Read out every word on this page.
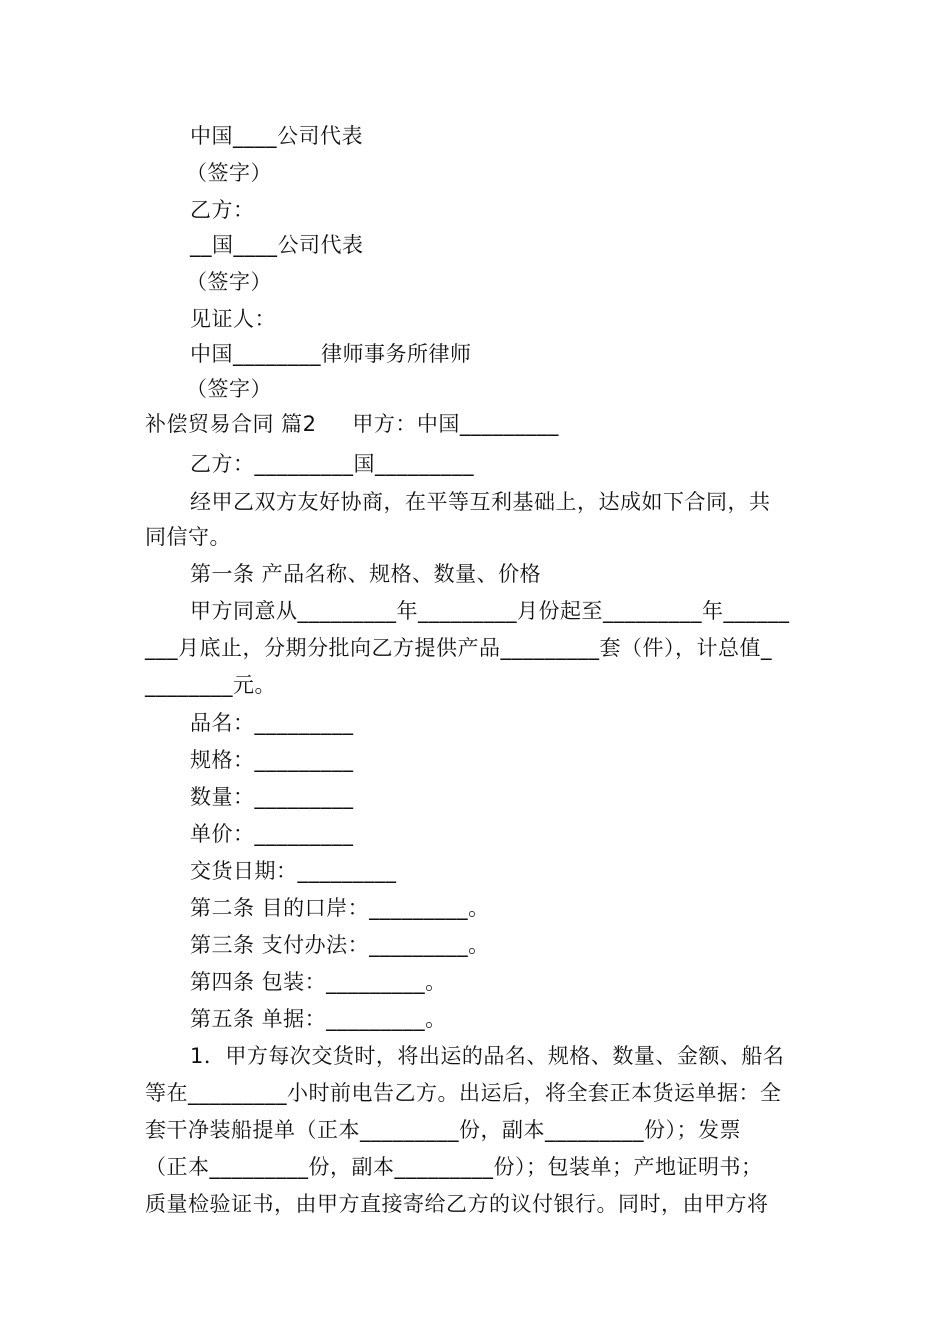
中国____公司代表

（签字）

乙方：

__国____公司代表

（签字）

见证人：

中国________律师事务所律师

（签字）

补偿贸易合同 篇2     甲方：中国_________

乙方：_________国_________

经甲乙双方友好协商，在平等互利基础上，达成如下合同，共

同信守。

第一条 产品名称、规格、数量、价格

甲方同意从_________年_________月份起至_________年______

___月底止，分期分批向乙方提供产品_________套（件），计总值_

________元。

品名：_________

规格：_________

数量：_________

单价：_________

交货日期：_________

第二条 目的口岸：_________。

第三条 支付办法：_________。

第四条 包装：_________。

第五条 单据：_________。

1．甲方每次交货时，将出运的品名、规格、数量、金额、船名

等在_________小时前电告乙方。出运后，将全套正本货运单据：全

套干净装船提单（正本_________份，副本_________份）；发票

（正本_________份，副本_________份）；包装单；产地证明书；

质量检验证书，由甲方直接寄给乙方的议付银行。同时，由甲方将
